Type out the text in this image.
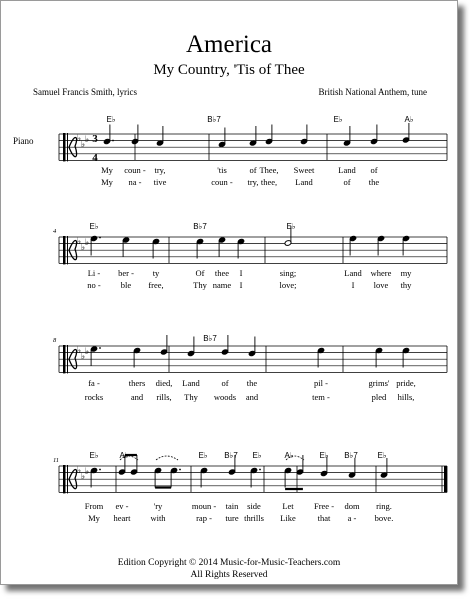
America
My Country, 'Tis of Thee
Samuel Francis Smith, lyrics	British National Anthem, tune
♭
♭ ♭ 3
4
Piano
E♭	B♭7	E♭	A♭
My coun - try,	'tis	of Thee, Sweet	Land of
My na - tive	coun - try, thee, Land	of the
♭
♭ ♭
4
E♭	B♭7	E♭
Li - ber - ty	Of thee I	sing;	Land where my
no - ble free,	Thy name I	love;	I love thy
♭
♭ ♭
8	B♭7
fa -	thers died, Land	of the	pil -	grims' pride,
rocks	and rills, Thy woods and	tem -	pled hills,
♭
♭ ♭
11
E♭	A♭	E♭ B♭7 E♭	A♭	E♭ B♭7 E♭
From ev -	'ry	moun - tain side	Let Free - dom ring.
My heart with	rap - ture thrills Like	that a - bove.
Edition Copyright © 2014 Music-for-Music-Teachers.com
All Rights Reserved
